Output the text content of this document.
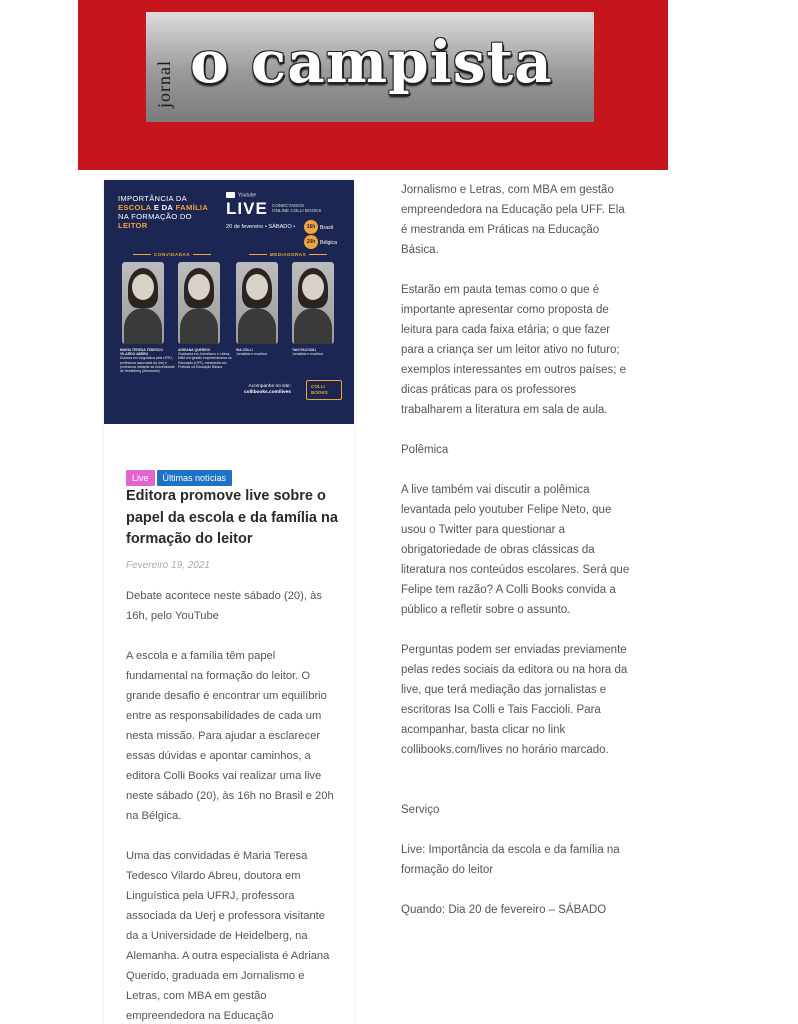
jornal o campista
IMPORTÂNCIA DA
ESCOLA E DA FAMÍLIA
NA FORMAÇÃO DO
LEITOR
Youtube
LIVE CONECTADOS ONLINE COLLI BOOKS
20 de fevereiro • SÁBADO •	16h Brasil
20h Bélgica
CONVIDADAS	MEDIADORAS
MARIA TERESA TEDESCO VILARDO ABREU
Doutora em Linguística pela UFRJ, professora associada da Uerj e professora visitante da Universidade de Heidelberg (Alemanha)
ADRIANA QUERIDO
Graduada em Jornalismo e Letras, MBA em gestão empreendedora na Educação (UFF), mestranda em Práticas na Educação Básica
ISA COLLI
Jornalista e escritora
TAIS FACCIOLI
Jornalista e escritora
Acompanhe no site:
collibooks.com/lives
COLLI
BOOKS
Live Últimas notícias
Editora promove live sobre o papel da escola e da família na formação do leitor
Fevereiro 19, 2021

Debate acontece neste sábado (20), às 16h, pelo YouTube

A escola e a família têm papel fundamental na formação do leitor. O grande desafio é encontrar um equilíbrio entre as responsabilidades de cada um nesta missão. Para ajudar a esclarecer essas dúvidas e apontar caminhos, a editora Colli Books vai realizar uma live neste sábado (20), às 16h no Brasil e 20h na Bélgica.

Uma das convidadas é Maria Teresa Tedesco Vilardo Abreu, doutora em Linguística pela UFRJ, professora associada da Uerj e professora visitante da a Universidade de Heidelberg, na Alemanha. A outra especialista é Adriana Querido, graduada em Jornalismo e Letras, com MBA em gestão empreendedora na Educação

Jornalismo e Letras, com MBA em gestão empreendedora na Educação pela UFF. Ela é mestranda em Práticas na Educação Básica.

Estarão em pauta temas como o que é importante apresentar como proposta de leitura para cada faixa etária; o que fazer para a criança ser um leitor ativo no futuro; exemplos interessantes em outros países; e dicas práticas para os professores trabalharem a literatura em sala de aula.

Polêmica

A live também vai discutir a polêmica levantada pelo youtuber Felipe Neto, que usou o Twitter para questionar a obrigatoriedade de obras clássicas da literatura nos conteúdos escolares. Será que Felipe tem razão? A Colli Books convida a público a refletir sobre o assunto.

Perguntas podem ser enviadas previamente pelas redes sociais da editora ou na hora da live, que terá mediação das jornalistas e escritoras Isa Colli e Tais Faccioli. Para acompanhar, basta clicar no link collibooks.com/lives no horário marcado.

Serviço

Live: Importância da escola e da família na formação do leitor

Quando: Dia 20 de fevereiro – SÁBADO
